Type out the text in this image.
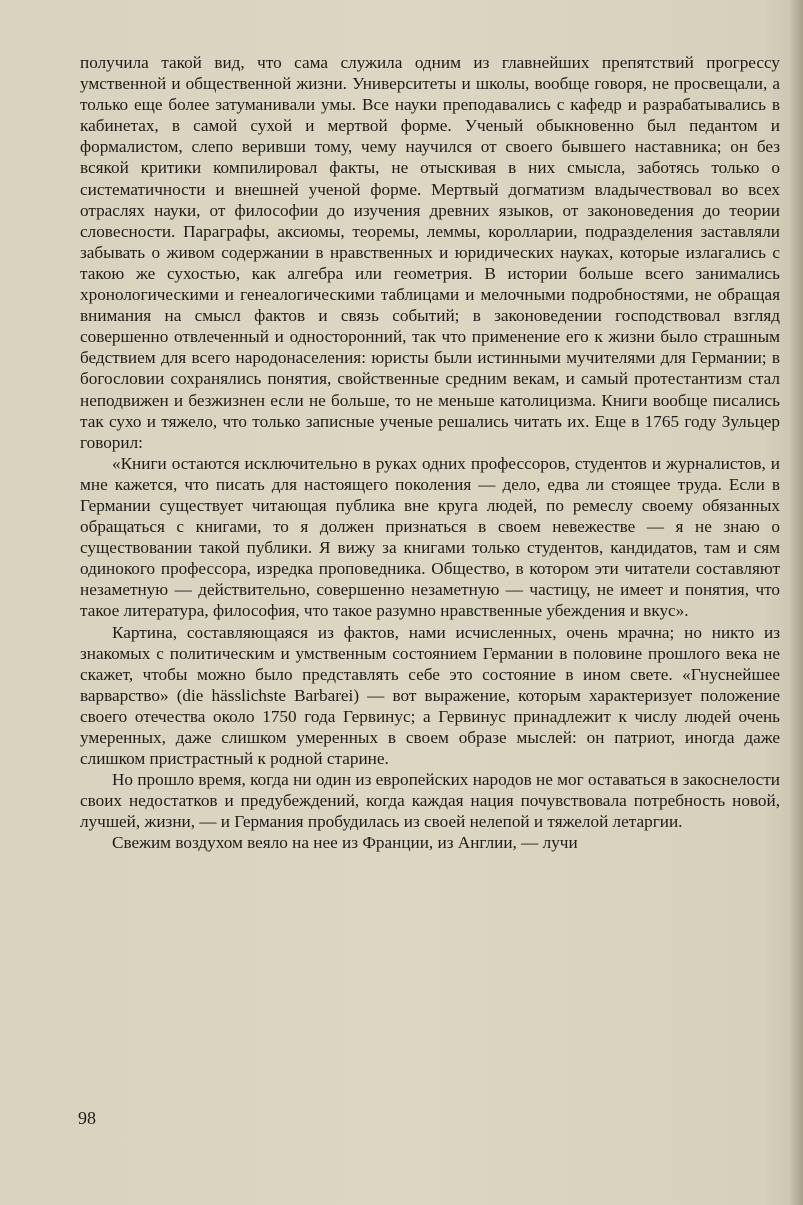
получила такой вид, что сама служила одним из главнейших препятствий прогрессу умственной и общественной жизни. Университеты и школы, вообще говоря, не просвещали, а только еще более затуманивали умы. Все науки преподавались с кафедр и разрабатывались в кабинетах, в самой сухой и мертвой форме. Ученый обыкновенно был педантом и формалистом, слепо веривши тому, чему научился от своего бывшего наставника; он без всякой критики компилировал факты, не отыскивая в них смысла, заботясь только о систематичности и внешней ученой форме. Мертвый догматизм владычествовал во всех отраслях науки, от философии до изучения древних языков, от законоведения до теории словесности. Параграфы, аксиомы, теоремы, леммы, королларии, подразделения заставляли забывать о живом содержании в нравственных и юридических науках, которые излагались с такою же сухостью, как алгебра или геометрия. В истории больше всего занимались хронологическими и генеалогическими таблицами и мелочными подробностями, не обращая внимания на смысл фактов и связь событий; в законоведении господствовал взгляд совершенно отвлеченный и односторонний, так что применение его к жизни было страшным бедствием для всего народонаселения: юристы были истинными мучителями для Германии; в богословии сохранялись понятия, свойственные средним векам, и самый протестантизм стал неподвижен и безжизнен если не больше, то не меньше католицизма. Книги вообще писались так сухо и тяжело, что только записные ученые решались читать их. Еще в 1765 году Зульцер говорил:

«Книги остаются исключительно в руках одних профессоров, студентов и журналистов, и мне кажется, что писать для настоящего поколения — дело, едва ли стоящее труда. Если в Германии существует читающая публика вне круга людей, по ремеслу своему обязанных обращаться с книгами, то я должен признаться в своем невежестве — я не знаю о существовании такой публики. Я вижу за книгами только студентов, кандидатов, там и сям одинокого профессора, изредка проповедника. Общество, в котором эти читатели составляют незаметную — действительно, совершенно незаметную — частицу, не имеет и понятия, что такое литература, философия, что такое разумно нравственные убеждения и вкус».

Картина, составляющаяся из фактов, нами исчисленных, очень мрачна; но никто из знакомых с политическим и умственным состоянием Германии в половине прошлого века не скажет, чтобы можно было представлять себе это состояние в ином свете. «Гнуснейшее варварство» (die hässlichste Barbarei) — вот выражение, которым характеризует положение своего отечества около 1750 года Гервинус; а Гервинус принадлежит к числу людей очень умеренных, даже слишком умеренных в своем образе мыслей: он патриот, иногда даже слишком пристрастный к родной старине.

Но прошло время, когда ни один из европейских народов не мог оставаться в закоснелости своих недостатков и предубеждений, когда каждая нация почувствовала потребность новой, лучшей, жизни, — и Германия пробудилась из своей нелепой и тяжелой летаргии.

Свежим воздухом веяло на нее из Франции, из Англии, — лучи

98
